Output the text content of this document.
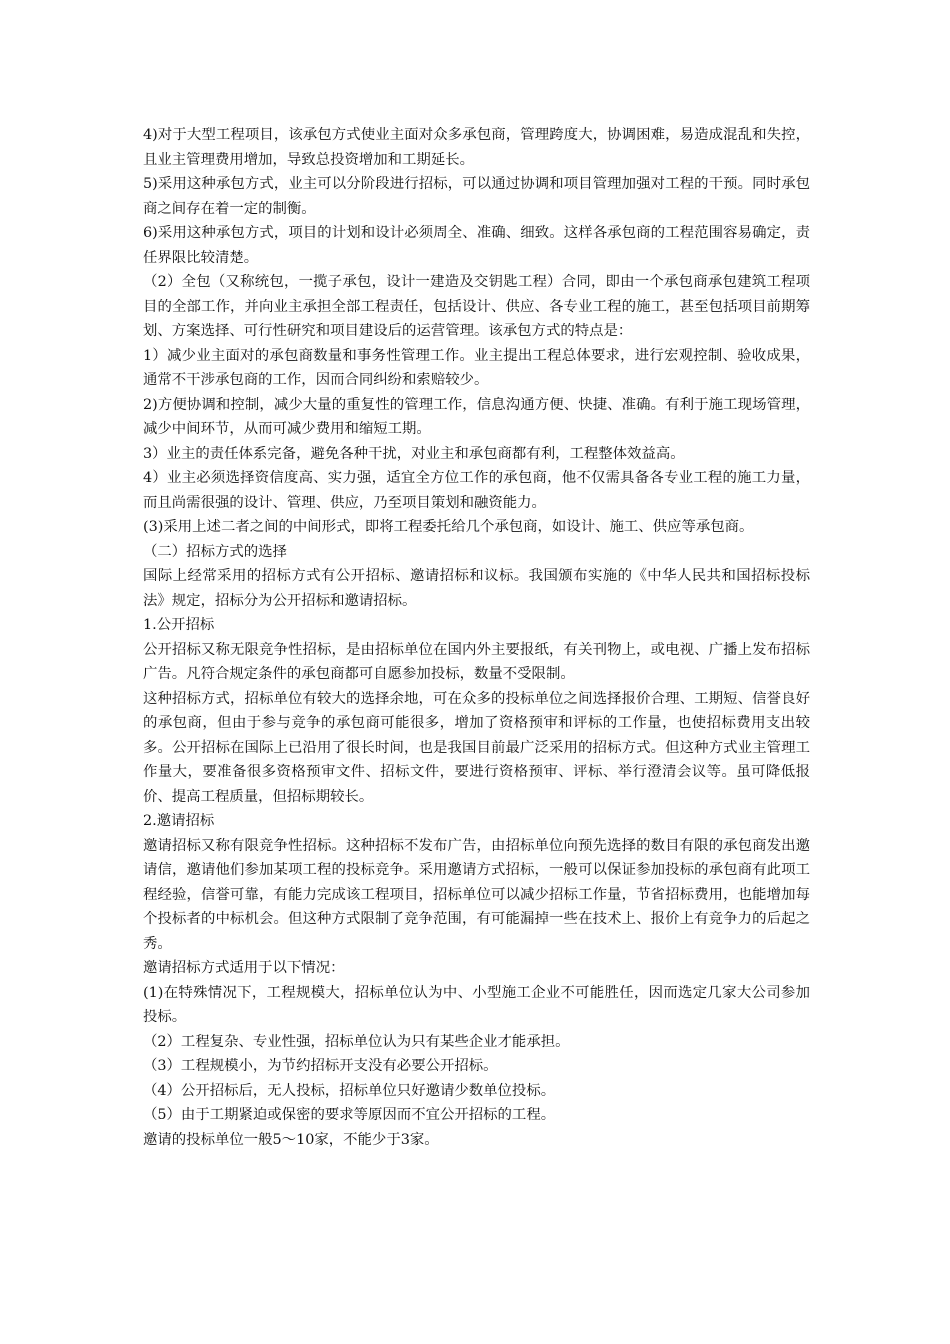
4)对于大型工程项目，该承包方式使业主面对众多承包商，管理跨度大，协调困难，易造成混乱和失控，且业主管理费用增加，导致总投资增加和工期延长。

5)采用这种承包方式，业主可以分阶段进行招标，可以通过协调和项目管理加强对工程的干预。同时承包商之间存在着一定的制衡。

6)采用这种承包方式，项目的计划和设计必须周全、准确、细致。这样各承包商的工程范围容易确定，责任界限比较清楚。

（2）全包（又称统包，一揽子承包，设计一建造及交钥匙工程）合同，即由一个承包商承包建筑工程项目的全部工作，并向业主承担全部工程责任，包括设计、供应、各专业工程的施工，甚至包括项目前期筹划、方案选择、可行性研究和项目建设后的运营管理。该承包方式的特点是：

1）减少业主面对的承包商数量和事务性管理工作。业主提出工程总体要求，进行宏观控制、验收成果，通常不干涉承包商的工作，因而合同纠纷和索赔较少。

2)方便协调和控制，减少大量的重复性的管理工作，信息沟通方便、快捷、准确。有利于施工现场管理，减少中间环节，从而可减少费用和缩短工期。

3）业主的责任体系完备，避免各种干扰，对业主和承包商都有利，工程整体效益高。

4）业主必须选择资信度高、实力强，适宜全方位工作的承包商，他不仅需具备各专业工程的施工力量，而且尚需很强的设计、管理、供应，乃至项目策划和融资能力。

(3)采用上述二者之间的中间形式，即将工程委托给几个承包商，如设计、施工、供应等承包商。

（二）招标方式的选择

国际上经常采用的招标方式有公开招标、邀请招标和议标。我国颁布实施的《中华人民共和国招标投标法》规定，招标分为公开招标和邀请招标。

1.公开招标

公开招标又称无限竞争性招标，是由招标单位在国内外主要报纸，有关刊物上，或电视、广播上发布招标广告。凡符合规定条件的承包商都可自愿参加投标，数量不受限制。

这种招标方式，招标单位有较大的选择余地，可在众多的投标单位之间选择报价合理、工期短、信誉良好的承包商，但由于参与竞争的承包商可能很多，增加了资格预审和评标的工作量，也使招标费用支出较多。公开招标在国际上已沿用了很长时间，也是我国目前最广泛采用的招标方式。但这种方式业主管理工作量大，要准备很多资格预审文件、招标文件，要进行资格预审、评标、举行澄清会议等。虽可降低报价、提高工程质量，但招标期较长。

2.邀请招标

邀请招标又称有限竞争性招标。这种招标不发布广告，由招标单位向预先选择的数目有限的承包商发出邀请信，邀请他们参加某项工程的投标竞争。采用邀请方式招标，一般可以保证参加投标的承包商有此项工程经验，信誉可靠，有能力完成该工程项目，招标单位可以减少招标工作量，节省招标费用，也能增加每个投标者的中标机会。但这种方式限制了竞争范围，有可能漏掉一些在技术上、报价上有竞争力的后起之秀。

邀请招标方式适用于以下情况：

(1)在特殊情况下，工程规模大，招标单位认为中、小型施工企业不可能胜任，因而选定几家大公司参加投标。

（2）工程复杂、专业性强，招标单位认为只有某些企业才能承担。

（3）工程规模小，为节约招标开支没有必要公开招标。

（4）公开招标后，无人投标，招标单位只好邀请少数单位投标。

（5）由于工期紧迫或保密的要求等原因而不宜公开招标的工程。

邀请的投标单位一般5～10家，不能少于3家。
